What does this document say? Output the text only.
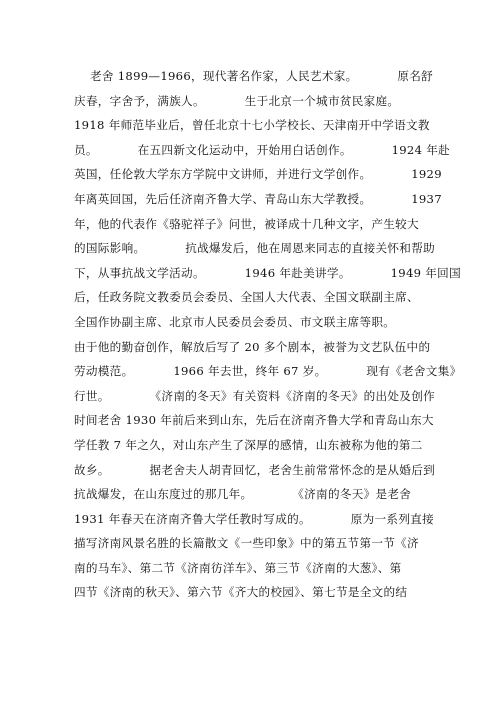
老舍 1899—1966，现代著名作家，人民艺术家。          原名舒
庆春，字舍予，满族人。          生于北京一个城市贫民家庭。
1918 年师范毕业后，曾任北京十七小学校长、天津南开中学语文教
员。          在五四新文化运动中，开始用白话创作。          1924 年赴
英国，任伦敦大学东方学院中文讲师，并进行文学创作。          1929
年离英回国，先后任济南齐鲁大学、青岛山东大学教授。          1937
年，他的代表作《骆驼祥子》问世，被译成十几种文字，产生较大
的国际影响。          抗战爆发后，他在周恩来同志的直接关怀和帮助
下，从事抗战文学活动。          1946 年赴美讲学。          1949 年回国
后，任政务院文教委员会委员、全国人大代表、全国文联副主席、
全国作协副主席、北京市人民委员会委员、市文联主席等职。
由于他的勤奋创作，解放后写了 20 多个剧本，被誉为文艺队伍中的
劳动模范。          1966 年去世，终年 67 岁。          现有《老舍文集》
行世。          《济南的冬天》有关资料《济南的冬天》的出处及创作
时间老舍 1930 年前后来到山东，先后在济南齐鲁大学和青岛山东大
学任教 7 年之久，对山东产生了深厚的感情，山东被称为他的第二
故乡。          据老舍夫人胡青回忆，老舍生前常常怀念的是从婚后到
抗战爆发，在山东度过的那几年。          《济南的冬天》是老舍
1931 年春天在济南齐鲁大学任教时写成的。          原为一系列直接
描写济南风景名胜的长篇散文《一些印象》中的第五节第一节《济
南的马车》、第二节《济南彷洋车》、第三节《济南的大葱》、第
四节《济南的秋天》、第六节《齐大的校园》、第七节是全文的结
